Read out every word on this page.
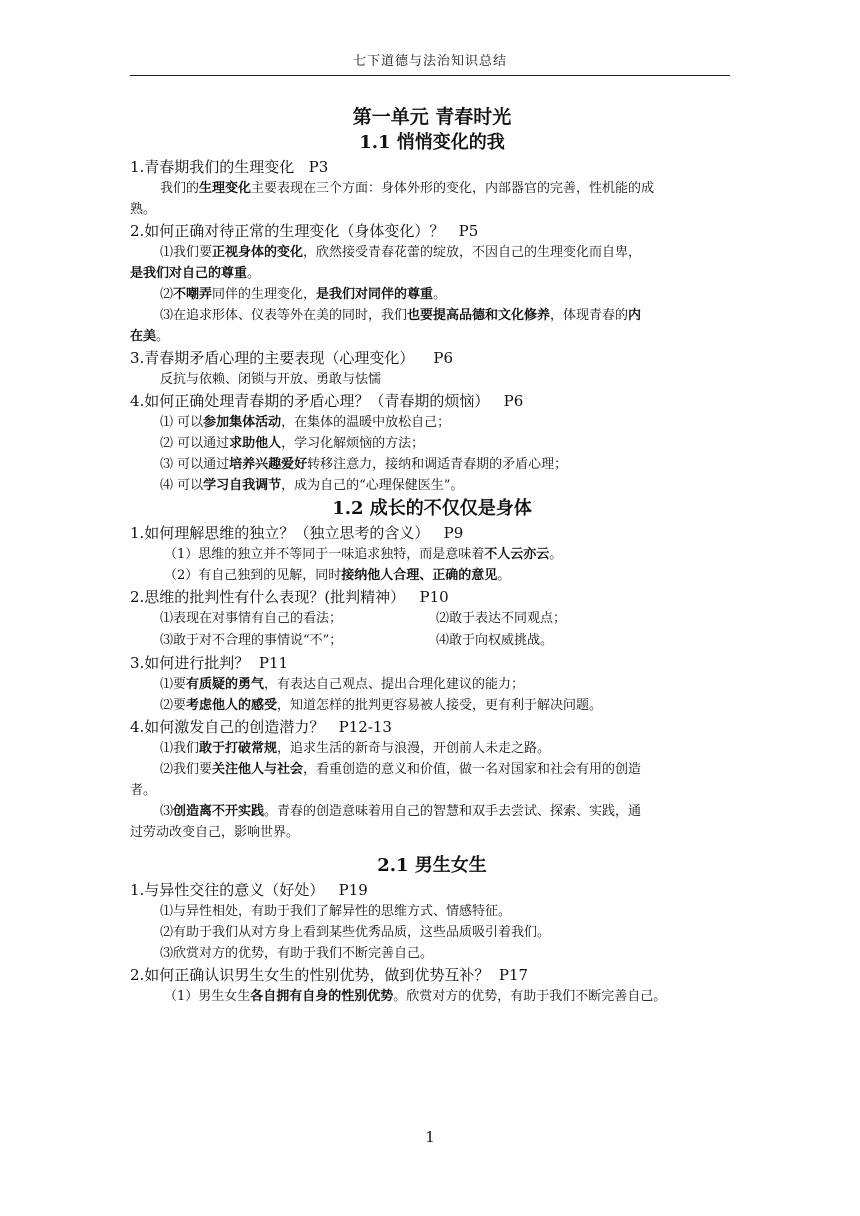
七下道德与法治知识总结
第一单元 青春时光
1.1 悄悄变化的我

1.青春期我们的生理变化 P3

我们的生理变化主要表现在三个方面：身体外形的变化，内部器官的完善，性机能的成

熟。

2.如何正确对待正常的生理变化（身体变化）？ P5

⑴我们要正视身体的变化，欣然接受青春花蕾的绽放，不因自己的生理变化而自卑，

是我们对自己的尊重。

⑵不嘲弄同伴的生理变化，是我们对同伴的尊重。

⑶在追求形体、仪表等外在美的同时，我们也要提高品德和文化修养，体现青春的内

在美。

3.青春期矛盾心理的主要表现（心理变化） P6

反抗与依赖、闭锁与开放、勇敢与怯懦

4.如何正确处理青春期的矛盾心理？（青春期的烦恼） P6

⑴ 可以参加集体活动，在集体的温暖中放松自己；

⑵ 可以通过求助他人，学习化解烦恼的方法；

⑶ 可以通过培养兴趣爱好转移注意力，接纳和调适青春期的矛盾心理；

⑷ 可以学习自我调节，成为自己的“心理保健医生”。

1.2 成长的不仅仅是身体

1.如何理解思维的独立？（独立思考的含义） P9

（1）思维的独立并不等同于一味追求独特，而是意味着不人云亦云。

（2）有自己独到的见解，同时接纳他人合理、正确的意见。

2.思维的批判性有什么表现？(批判精神） P10

⑴表现在对事情有自己的看法；	⑵敢于表达不同观点；
⑶敢于对不合理的事情说“不”；	⑷敢于向权威挑战。

3.如何进行批判？ P11

⑴要有质疑的勇气，有表达自己观点、提出合理化建议的能力；

⑵要考虑他人的感受，知道怎样的批判更容易被人接受，更有利于解决问题。

4.如何激发自己的创造潜力？ P12-13

⑴我们敢于打破常规，追求生活的新奇与浪漫，开创前人未走之路。

⑵我们要关注他人与社会，看重创造的意义和价值，做一名对国家和社会有用的创造

者。

⑶创造离不开实践。青春的创造意味着用自己的智慧和双手去尝试、探索、实践，通

过劳动改变自己，影响世界。

2.1 男生女生

1.与异性交往的意义（好处） P19

⑴与异性相处，有助于我们了解异性的思维方式、情感特征。

⑵有助于我们从对方身上看到某些优秀品质，这些品质吸引着我们。

⑶欣赏对方的优势，有助于我们不断完善自己。

2.如何正确认识男生女生的性别优势，做到优势互补？ P17

（1）男生女生各自拥有自身的性别优势。欣赏对方的优势，有助于我们不断完善自己。

1
